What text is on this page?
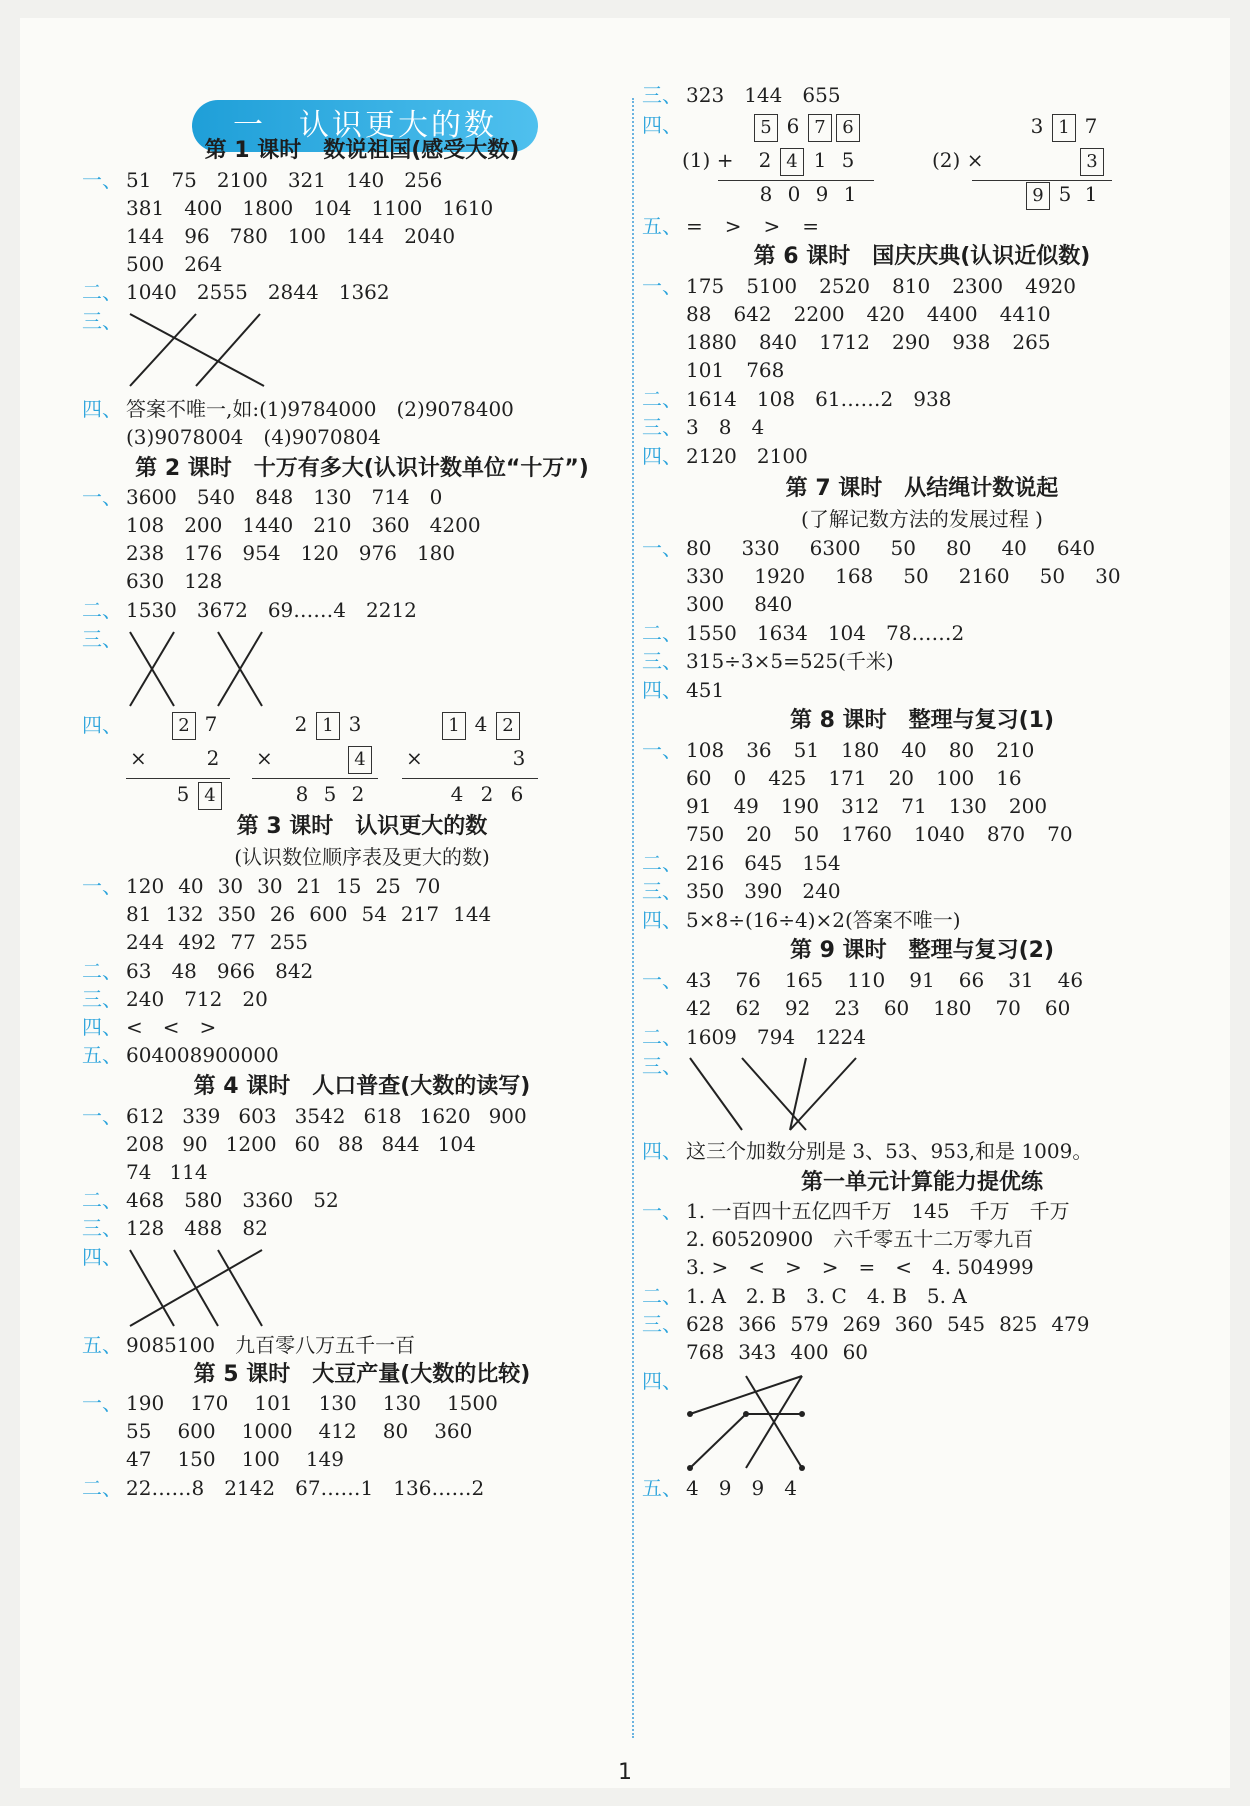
一　认识更大的数
第 1 课时　数说祖国(感受大数)
一、 51 75 2100 321 140 256
381 400 1800 104 1100 1610
144 96 780 100 144 2040
500 264
二、 1040 2555 2844 1362
三、
四、 答案不唯一,如:(1)9784000　(2)9078400
(3)9078004　(4)9070804
第 2 课时　十万有多大(认识计数单位“十万”)
一、 3600 540 848 130 714 0
108 200 1440 210 360 4200
238 176 954 120 976 180
630 128
二、 1530 3672 69……4 2212
三、
四、	2 7
×	2
5 4
2 1 3
×	4
8 5 2
1 4 2
×	3
4 2 6
第 3 课时　认识更大的数
(认识数位顺序表及更大的数)
一、 120 40 30 30 21 15 25 70
81 132 350 26 600 54 217 144
244 492 77 255
二、 63 48 966 842
三、 240 712 20
四、 < < >
五、 604008900000
第 4 课时　人口普查(大数的读写)
一、 612 339 603 3542 618 1620 900
208 90 1200 60 88 844 104
74 114
二、 468 580 3360 52
三、 128 488 82
四、
五、 9085100 九百零八万五千一百
第 5 课时　大豆产量(大数的比较)
一、 190 170 101 130 130 1500
55 600 1000 412 80 360
47 150 100 149
二、 22……8 2142 67……1 136……2
三、 323 144 655
四、	5 6 7 6
(1) +	2 4 1 5
8 0 9 1
3 1 7
(2) ×	3
9 5 1
五、 = > > =
第 6 课时　国庆庆典(认识近似数)
一、 175 5100 2520 810 2300 4920
88 642 2200 420 4400 4410
1880 840 1712 290 938 265
101 768
二、 1614 108 61……2 938
三、 3 8 4
四、 2120 2100
第 7 课时　从结绳计数说起
(了解记数方法的发展过程 )
一、 80 330 6300 50 80 40 640
330 1920 168 50 2160 50 30
300 840
二、 1550 1634 104 78……2
三、 315÷3×5=525(千米)
四、 451
第 8 课时　整理与复习(1)
一、 108 36 51 180 40 80 210
60 0 425 171 20 100 16
91 49 190 312 71 130 200
750 20 50 1760 1040 870 70
二、 216 645 154
三、 350 390 240
四、 5×8÷(16÷4)×2(答案不唯一)
第 9 课时　整理与复习(2)
一、 43 76 165 110 91 66 31 46
42 62 92 23 60 180 70 60
二、 1609 794 1224
三、
四、 这三个加数分别是 3、53、953,和是 1009。
第一单元计算能力提优练
一、 1. 一百四十五亿四千万　145　千万　千万
2. 60520900　六千零五十二万零九百
3. >　<　>　>　=　<　4. 504999
二、 1. A　2. B　3. C　4. B　5. A
三、 628 366 579 269 360 545 825 479
768 343 400 60
四、
五、 4 9 9 4
1
